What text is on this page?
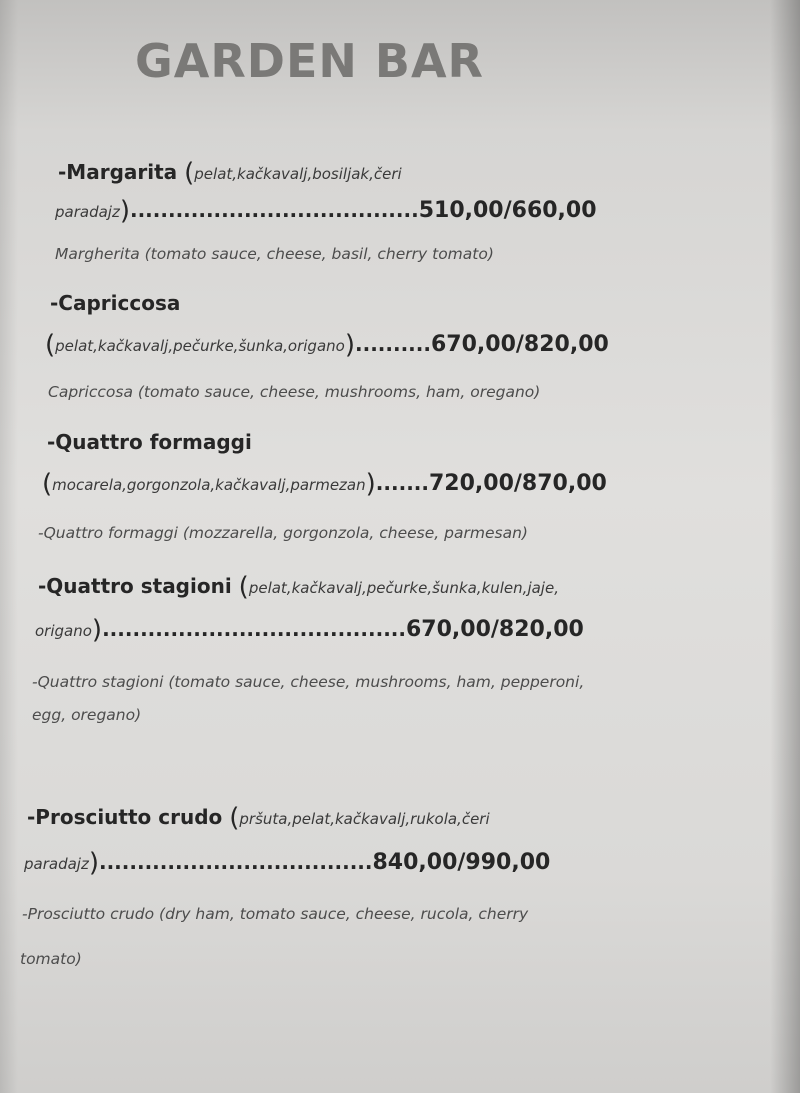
GARDEN BAR
-Margarita (pelat,kačkavalj,bosiljak,čeri
paradajz)......................................510,00/660,00
Margherita (tomato sauce, cheese, basil, cherry tomato)
-Capriccosa
(pelat,kačkavalj,pečurke,šunka,origano)..........670,00/820,00
Capriccosa (tomato sauce, cheese, mushrooms, ham, oregano)
-Quattro formaggi
(mocarela,gorgonzola,kačkavalj,parmezan).......720,00/870,00
-Quattro formaggi (mozzarella, gorgonzola, cheese, parmesan)
-Quattro stagioni (pelat,kačkavalj,pečurke,šunka,kulen,jaje,
origano)........................................670,00/820,00
-Quattro stagioni (tomato sauce, cheese, mushrooms, ham, pepperoni,
egg, oregano)
-Prosciutto crudo (pršuta,pelat,kačkavalj,rukola,čeri
paradajz)....................................840,00/990,00
-Prosciutto crudo (dry ham, tomato sauce, cheese, rucola, cherry
tomato)
